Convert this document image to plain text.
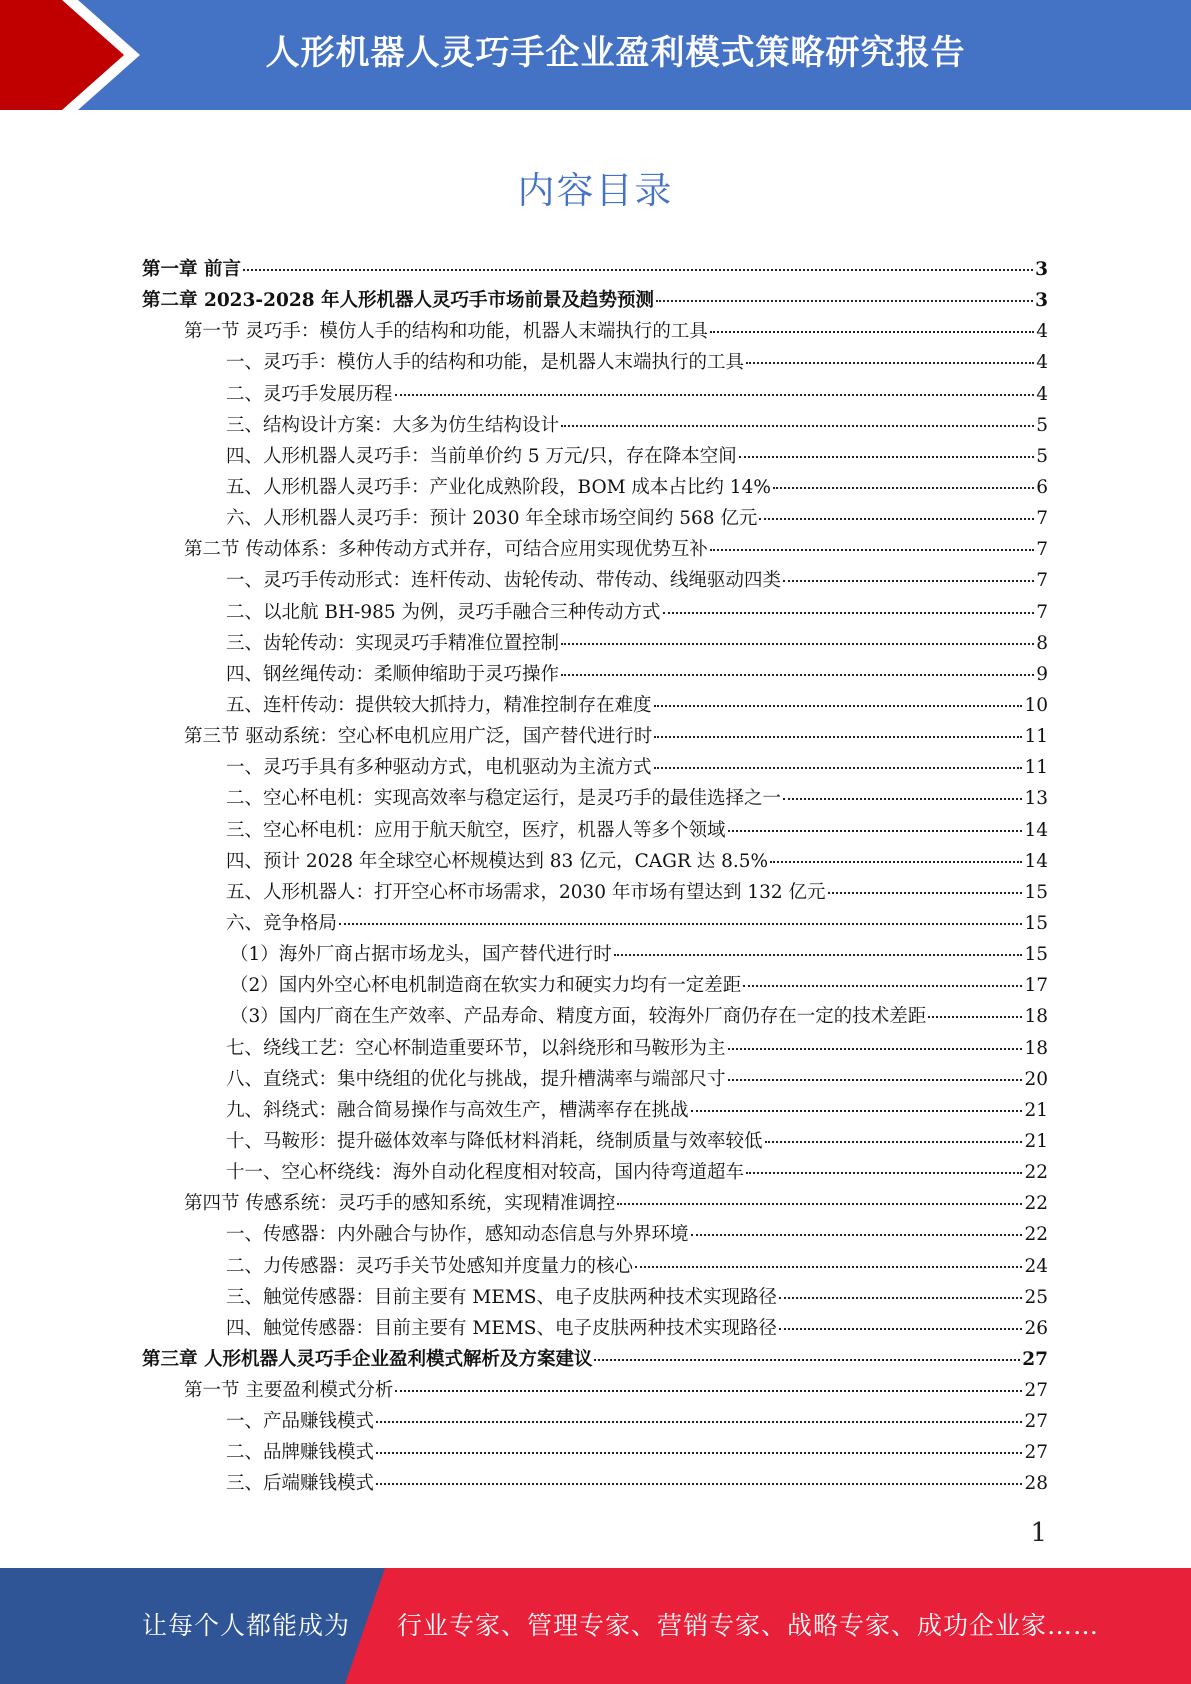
人形机器人灵巧手企业盈利模式策略研究报告
内容目录
第一章 前言	3
第二章 2023-2028 年人形机器人灵巧手市场前景及趋势预测	3
第一节 灵巧手：模仿人手的结构和功能，机器人末端执行的工具	4
一、灵巧手：模仿人手的结构和功能，是机器人末端执行的工具	4
二、灵巧手发展历程	4
三、结构设计方案：大多为仿生结构设计	5
四、人形机器人灵巧手：当前单价约 5 万元/只，存在降本空间	5
五、人形机器人灵巧手：产业化成熟阶段，BOM 成本占比约 14%	6
六、人形机器人灵巧手：预计 2030 年全球市场空间约 568 亿元	7
第二节 传动体系：多种传动方式并存，可结合应用实现优势互补	7
一、灵巧手传动形式：连杆传动、齿轮传动、带传动、线绳驱动四类	7
二、以北航 BH-985 为例，灵巧手融合三种传动方式	7
三、齿轮传动：实现灵巧手精准位置控制	8
四、钢丝绳传动：柔顺伸缩助于灵巧操作	9
五、连杆传动：提供较大抓持力，精准控制存在难度	10
第三节 驱动系统：空心杯电机应用广泛，国产替代进行时	11
一、灵巧手具有多种驱动方式，电机驱动为主流方式	11
二、空心杯电机：实现高效率与稳定运行，是灵巧手的最佳选择之一	13
三、空心杯电机：应用于航天航空，医疗，机器人等多个领域	14
四、预计 2028 年全球空心杯规模达到 83 亿元，CAGR 达 8.5%	14
五、人形机器人：打开空心杯市场需求，2030 年市场有望达到 132 亿元	15
六、竞争格局	15
（1）海外厂商占据市场龙头，国产替代进行时	15
（2）国内外空心杯电机制造商在软实力和硬实力均有一定差距	17
（3）国内厂商在生产效率、产品寿命、精度方面，较海外厂商仍存在一定的技术差距	18
七、绕线工艺：空心杯制造重要环节，以斜绕形和马鞍形为主	18
八、直绕式：集中绕组的优化与挑战，提升槽满率与端部尺寸	20
九、斜绕式：融合简易操作与高效生产，槽满率存在挑战	21
十、马鞍形：提升磁体效率与降低材料消耗，绕制质量与效率较低	21
十一、空心杯绕线：海外自动化程度相对较高，国内待弯道超车	22
第四节 传感系统：灵巧手的感知系统，实现精准调控	22
一、传感器：内外融合与协作，感知动态信息与外界环境	22
二、力传感器：灵巧手关节处感知并度量力的核心	24
三、触觉传感器：目前主要有 MEMS、电子皮肤两种技术实现路径	25
四、触觉传感器：目前主要有 MEMS、电子皮肤两种技术实现路径	26
第三章 人形机器人灵巧手企业盈利模式解析及方案建议	27
第一节 主要盈利模式分析	27
一、产品赚钱模式	27
二、品牌赚钱模式	27
三、后端赚钱模式	28
1
让每个人都能成为 行业专家、管理专家、营销专家、战略专家、成功企业家……
